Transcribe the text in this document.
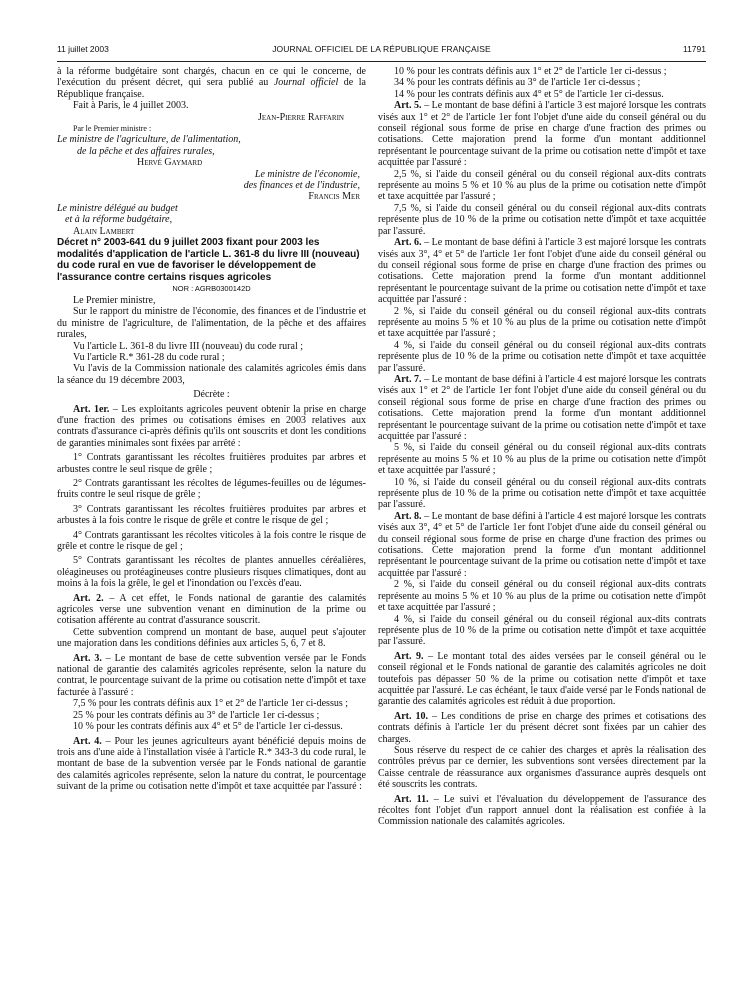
11 juillet 2003	JOURNAL OFFICIEL DE LA RÉPUBLIQUE FRANÇAISE	11791

à la réforme budgétaire sont chargés, chacun en ce qui le concerne, de l'exécution du présent décret, qui sera publié au Journal officiel de la République française.

Fait à Paris, le 4 juillet 2003.

Jean-Pierre Raffarin

Par le Premier ministre :

Le ministre de l'agriculture, de l'alimentation,

de la pêche et des affaires rurales,

Hervé Gaymard

Le ministre de l'économie,

des finances et de l'industrie,

Francis Mer

Le ministre délégué au budget

et à la réforme budgétaire,

Alain Lambert

Décret n° 2003-641 du 9 juillet 2003 fixant pour 2003 les modalités d'application de l'article L. 361-8 du livre III (nouveau) du code rural en vue de favoriser le développement de l'assurance contre certains risques agricoles

NOR : AGRB0300142D

Le Premier ministre,

Sur le rapport du ministre de l'économie, des finances et de l'industrie et du ministre de l'agriculture, de l'alimentation, de la pêche et des affaires rurales,

Vu l'article L. 361-8 du livre III (nouveau) du code rural ;

Vu l'article R.* 361-28 du code rural ;

Vu l'avis de la Commission nationale des calamités agricoles émis dans la séance du 19 décembre 2003,

Décrète :

Art. 1er. – Les exploitants agricoles peuvent obtenir la prise en charge d'une fraction des primes ou cotisations émises en 2003 relatives aux contrats d'assurance ci-après définis qu'ils ont souscrits et dont les conditions de garanties minimales sont fixées par arrêté :

1° Contrats garantissant les récoltes fruitières produites par arbres et arbustes contre le seul risque de grêle ;

2° Contrats garantissant les récoltes de légumes-feuilles ou de légumes-fruits contre le seul risque de grêle ;

3° Contrats garantissant les récoltes fruitières produites par arbres et arbustes à la fois contre le risque de grêle et contre le risque de gel ;

4° Contrats garantissant les récoltes viticoles à la fois contre le risque de grêle et contre le risque de gel ;

5° Contrats garantissant les récoltes de plantes annuelles céréalières, oléagineuses ou protéagineuses contre plusieurs risques climatiques, dont au moins à la fois la grêle, le gel et l'inondation ou l'excès d'eau.

Art. 2. – A cet effet, le Fonds national de garantie des calamités agricoles verse une subvention venant en diminution de la prime ou cotisation afférente au contrat d'assurance souscrit.

Cette subvention comprend un montant de base, auquel peut s'ajouter une majoration dans les conditions définies aux articles 5, 6, 7 et 8.

Art. 3. – Le montant de base de cette subvention versée par le Fonds national de garantie des calamités agricoles représente, selon la nature du contrat, le pourcentage suivant de la prime ou cotisation nette d'impôt et taxe facturée à l'assuré :

7,5 % pour les contrats définis aux 1° et 2° de l'article 1er ci-dessus ;

25 % pour les contrats définis au 3° de l'article 1er ci-dessus ;

10 % pour les contrats définis aux 4° et 5° de l'article 1er ci-dessus.

Art. 4. – Pour les jeunes agriculteurs ayant bénéficié depuis moins de trois ans d'une aide à l'installation visée à l'article R.* 343-3 du code rural, le montant de base de la subvention versée par le Fonds national de garantie des calamités agricoles représente, selon la nature du contrat, le pourcentage suivant de la prime ou cotisation nette d'impôt et taxe acquittée par l'assuré :

10 % pour les contrats définis aux 1° et 2° de l'article 1er ci-dessus ;

34 % pour les contrats définis au 3° de l'article 1er ci-dessus ;

14 % pour les contrats définis aux 4° et 5° de l'article 1er ci-dessus.

Art. 5. – Le montant de base défini à l'article 3 est majoré lorsque les contrats visés aux 1° et 2° de l'article 1er font l'objet d'une aide du conseil général ou du conseil régional sous forme de prise en charge d'une fraction des primes ou cotisations. Cette majoration prend la forme d'un montant additionnel représentant le pourcentage suivant de la prime ou cotisation nette d'impôt et taxe acquittée par l'assuré :

2,5 %, si l'aide du conseil général ou du conseil régional aux-dits contrats représente au moins 5 % et 10 % au plus de la prime ou cotisation nette d'impôt et taxe acquittée par l'assuré ;

7,5 %, si l'aide du conseil général ou du conseil régional aux-dits contrats représente plus de 10 % de la prime ou cotisation nette d'impôt et taxe acquittée par l'assuré.

Art. 6. – Le montant de base défini à l'article 3 est majoré lorsque les contrats visés aux 3°, 4° et 5° de l'article 1er font l'objet d'une aide du conseil général ou du conseil régional sous forme de prise en charge d'une fraction des primes ou cotisations. Cette majoration prend la forme d'un montant additionnel représentant le pourcentage suivant de la prime ou cotisation nette d'impôt et taxe acquittée par l'assuré :

2 %, si l'aide du conseil général ou du conseil régional aux-dits contrats représente au moins 5 % et 10 % au plus de la prime ou cotisation nette d'impôt et taxe acquittée par l'assuré ;

4 %, si l'aide du conseil général ou du conseil régional aux-dits contrats représente plus de 10 % de la prime ou cotisation nette d'impôt et taxe acquittée par l'assuré.

Art. 7. – Le montant de base défini à l'article 4 est majoré lorsque les contrats visés aux 1° et 2° de l'article 1er font l'objet d'une aide du conseil général ou du conseil régional sous forme de prise en charge d'une fraction des primes ou cotisations. Cette majoration prend la forme d'un montant additionnel représentant le pourcentage suivant de la prime ou cotisation nette d'impôt et taxe acquittée par l'assuré :

5 %, si l'aide du conseil général ou du conseil régional aux-dits contrats représente au moins 5 % et 10 % au plus de la prime ou cotisation nette d'impôt et taxe acquittée par l'assuré ;

10 %, si l'aide du conseil général ou du conseil régional aux-dits contrats représente plus de 10 % de la prime ou cotisation nette d'impôt et taxe acquittée par l'assuré.

Art. 8. – Le montant de base défini à l'article 4 est majoré lorsque les contrats visés aux 3°, 4° et 5° de l'article 1er font l'objet d'une aide du conseil général ou du conseil régional sous forme de prise en charge d'une fraction des primes ou cotisations. Cette majoration prend la forme d'un montant additionnel représentant le pourcentage suivant de la prime ou cotisation nette d'impôt et taxe acquittée par l'assuré :

2 %, si l'aide du conseil général ou du conseil régional aux-dits contrats représente au moins 5 % et 10 % au plus de la prime ou cotisation nette d'impôt et taxe acquittée par l'assuré ;

4 %, si l'aide du conseil général ou du conseil régional aux-dits contrats représente plus de 10 % de la prime ou cotisation nette d'impôt et taxe acquittée par l'assuré.

Art. 9. – Le montant total des aides versées par le conseil général ou le conseil régional et le Fonds national de garantie des calamités agricoles ne doit toutefois pas dépasser 50 % de la prime ou cotisation nette d'impôt et taxe acquittée par l'assuré. Le cas échéant, le taux d'aide versé par le Fonds national de garantie des calamités agricoles est réduit à due proportion.

Art. 10. – Les conditions de prise en charge des primes et cotisations des contrats définis à l'article 1er du présent décret sont fixées par un cahier des charges.

Sous réserve du respect de ce cahier des charges et après la réalisation des contrôles prévus par ce dernier, les subventions sont versées directement par la Caisse centrale de réassurance aux organismes d'assurance auprès desquels ont été souscrits les contrats.

Art. 11. – Le suivi et l'évaluation du développement de l'assurance des récoltes font l'objet d'un rapport annuel dont la réalisation est confiée à la Commission nationale des calamités agricoles.
